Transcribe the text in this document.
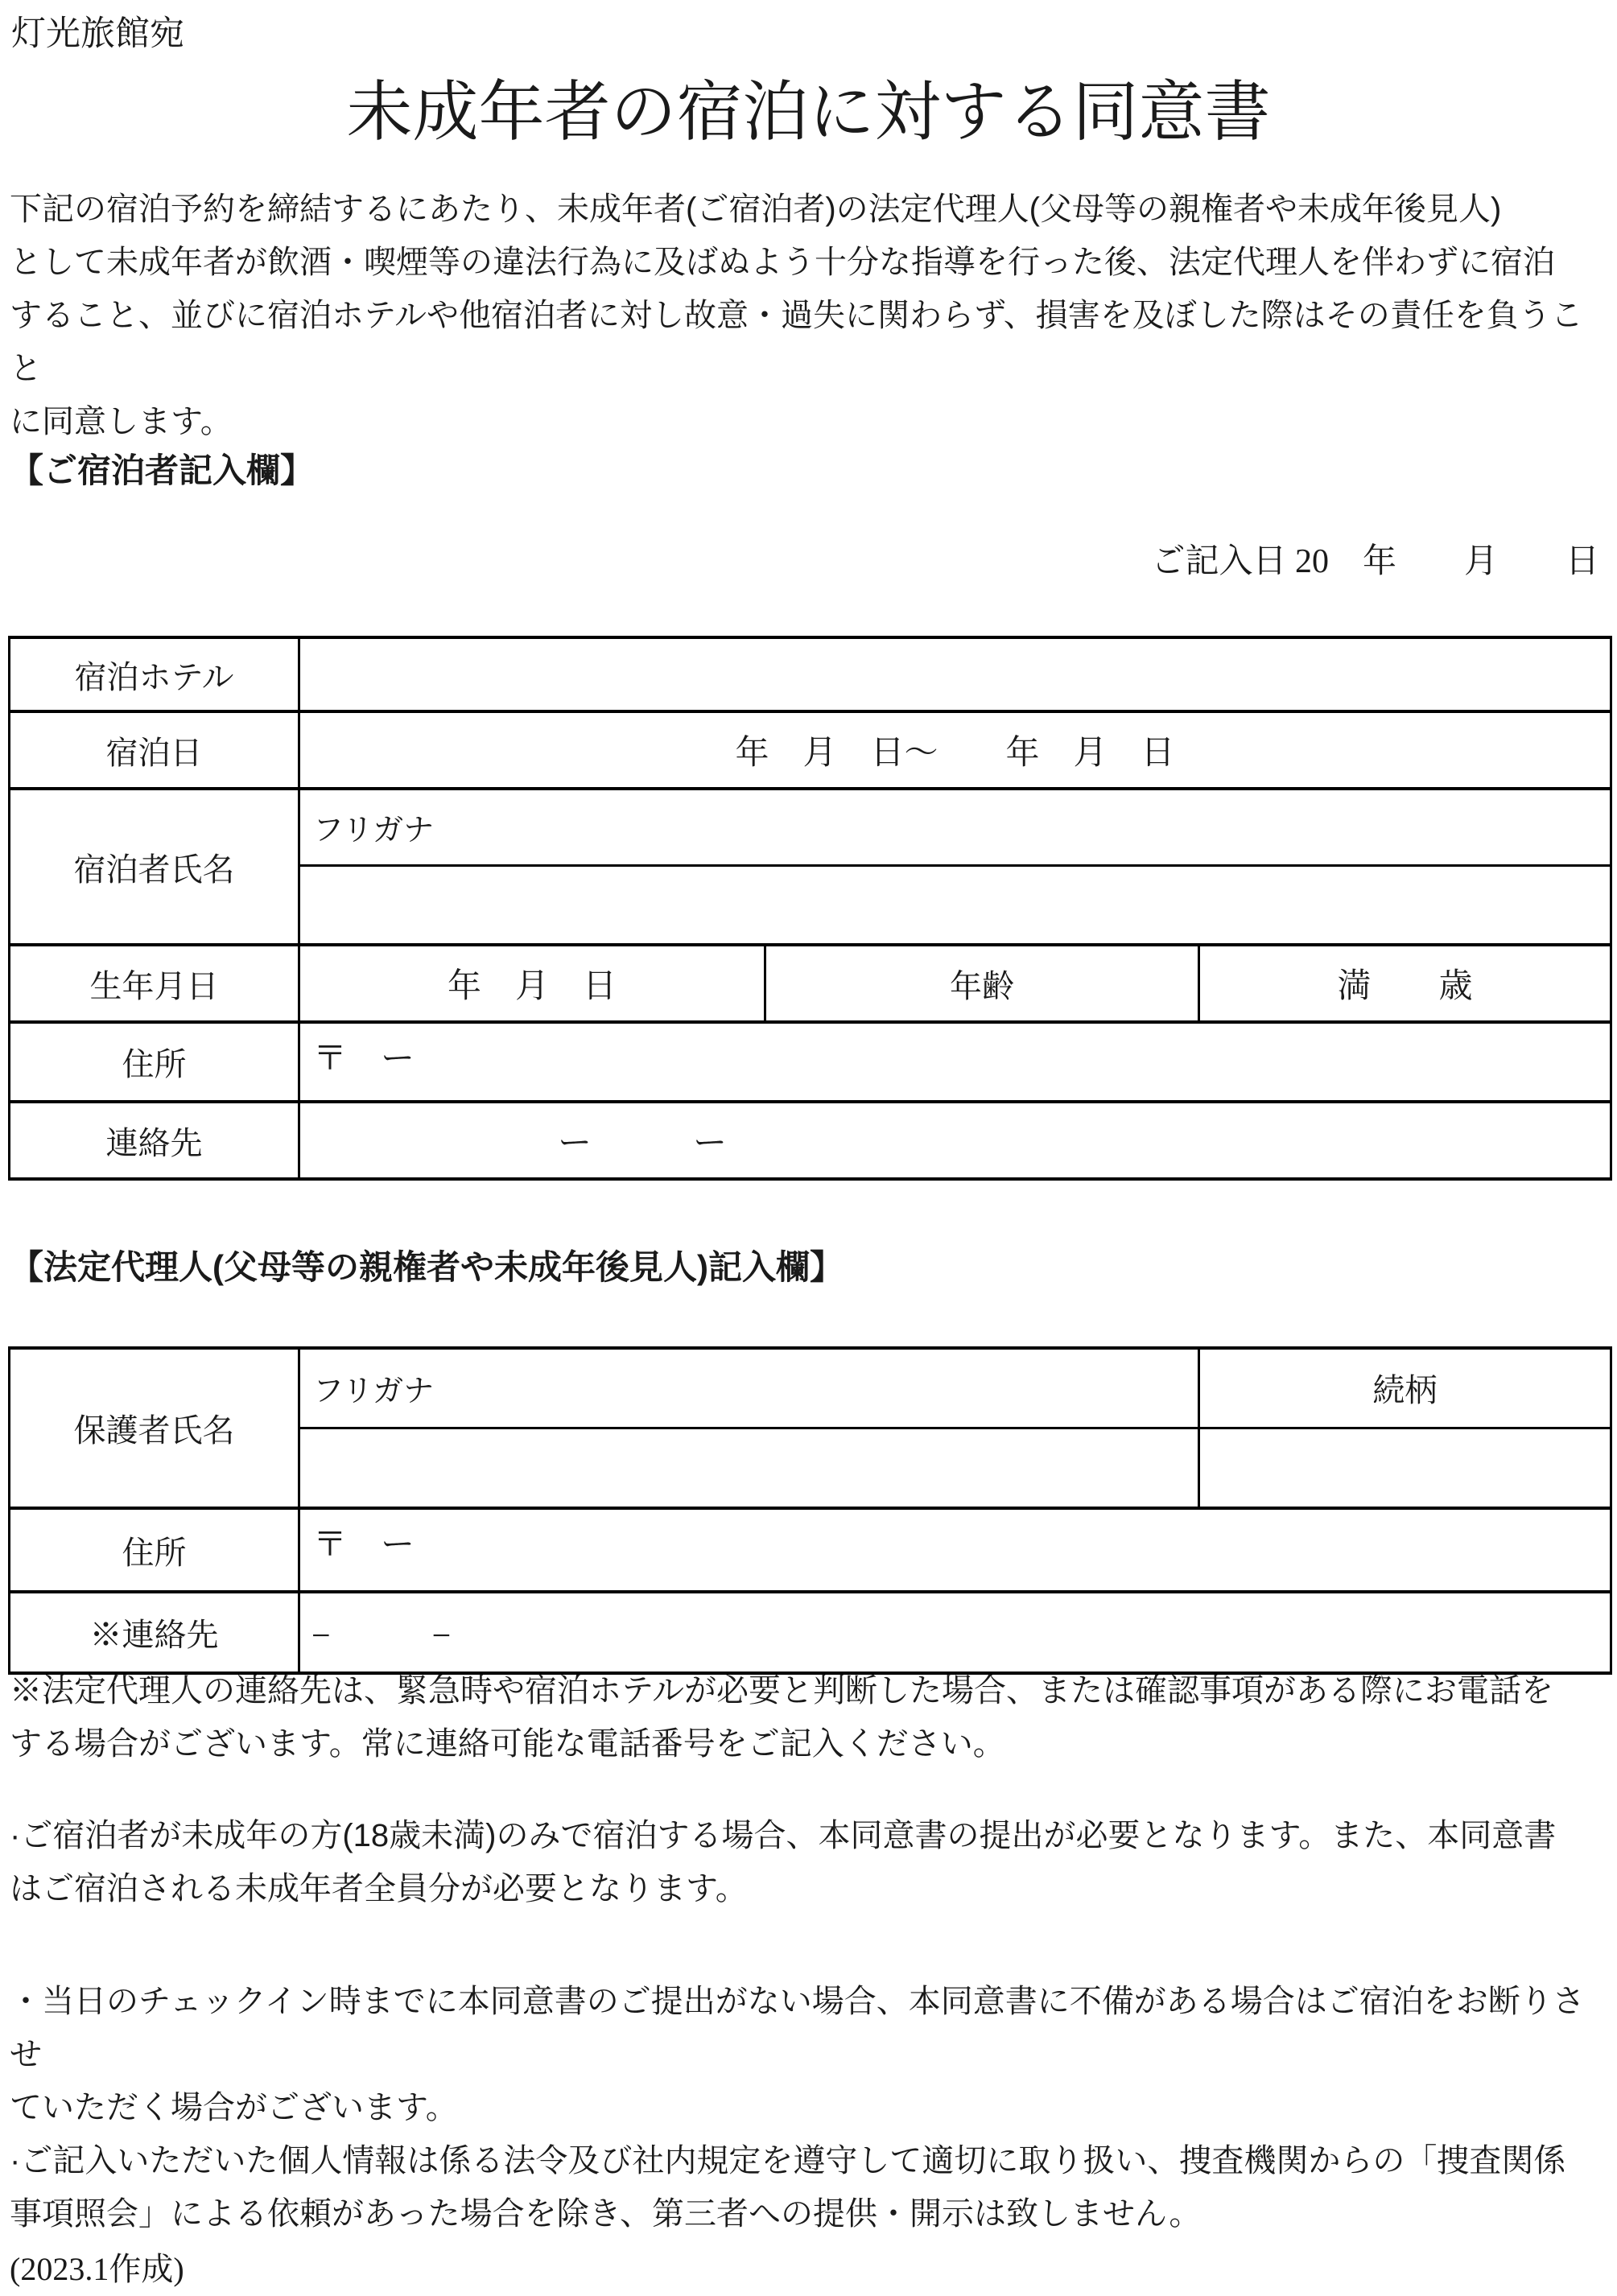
灯光旅館宛
未成年者の宿泊に対する同意書
下記の宿泊予約を締結するにあたり、未成年者(ご宿泊者)の法定代理人(父母等の親権者や未成年後見人)
として未成年者が飲酒・喫煙等の違法行為に及ばぬよう十分な指導を行った後、法定代理人を伴わずに宿泊
すること、並びに宿泊ホテルや他宿泊者に対し故意・過失に関わらず、損害を及ぼした際はその責任を負うこと
に同意します。
【ご宿泊者記入欄】
ご記入日 20　年　　月　　日
宿泊ホテル			
宿泊日	年　月　日～　　年　月　日		
宿泊者氏名	フリガナ		

生年月日	年　月　日	年齢	満　　歳
住所	〒　ー		
連絡先	ー　　　ー		
【法定代理人(父母等の親権者や未成年後見人)記入欄】
保護者氏名	フリガナ	続柄

住所	〒　ー	
※連絡先	−　　　−	
※法定代理人の連絡先は、緊急時や宿泊ホテルが必要と判断した場合、または確認事項がある際にお電話を
する場合がございます。常に連絡可能な電話番号をご記入ください。
·ご宿泊者が未成年の方(18歳未満)のみで宿泊する場合、本同意書の提出が必要となります。また、本同意書
はご宿泊される未成年者全員分が必要となります。
・当日のチェックイン時までに本同意書のご提出がない場合、本同意書に不備がある場合はご宿泊をお断りさせ
ていただく場合がございます。
·ご記入いただいた個人情報は係る法令及び社内規定を遵守して適切に取り扱い、捜査機関からの「捜査関係
事項照会」による依頼があった場合を除き、第三者への提供・開示は致しません。
(2023.1作成)
